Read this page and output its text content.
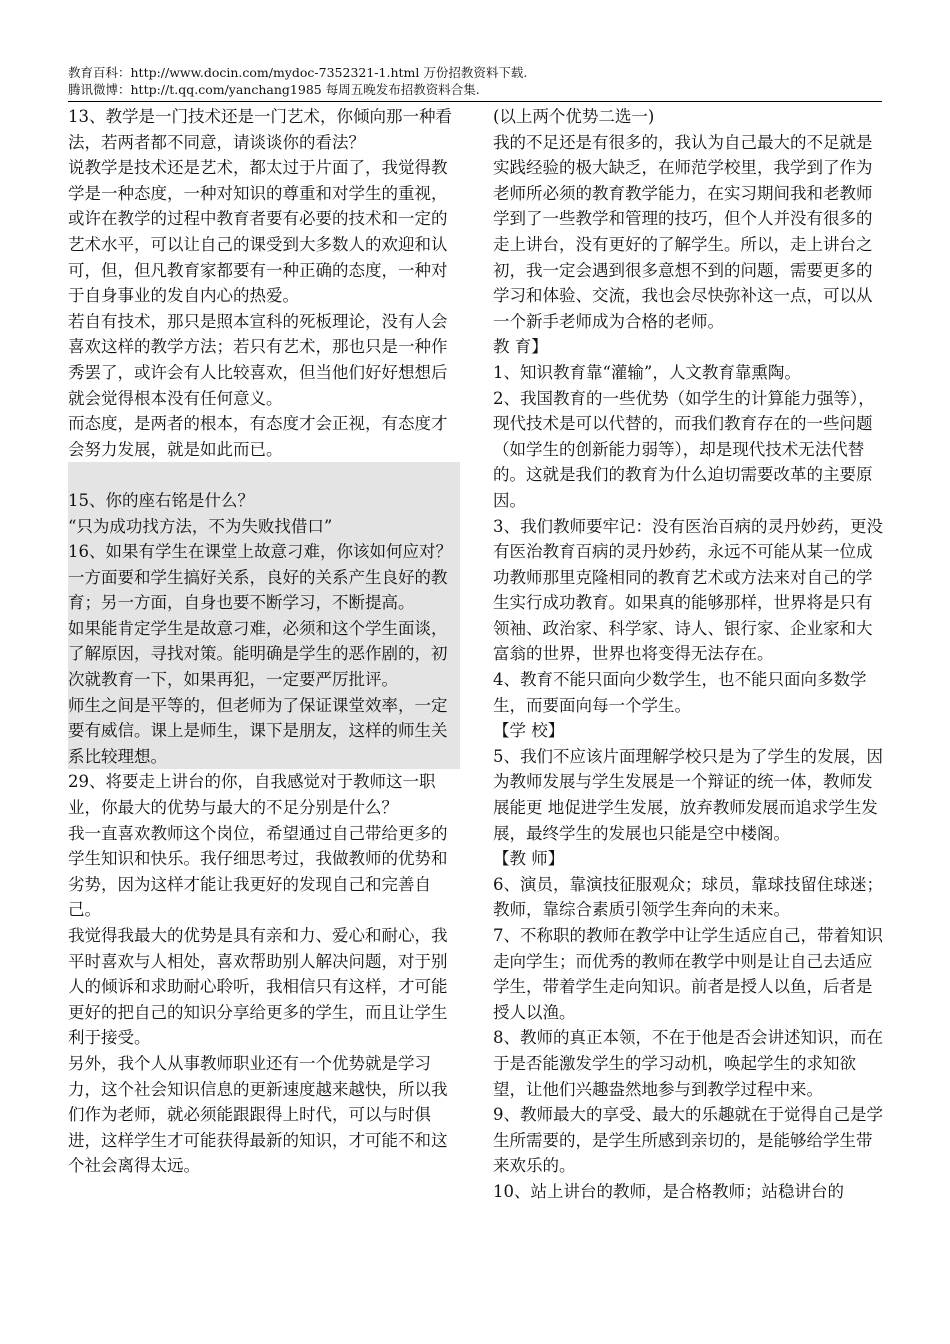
教育百科：http://www.docin.com/mydoc-7352321-1.html 万份招教资料下载.
腾讯微博：http://t.qq.com/yanchang1985 每周五晚发布招教资料合集.

13、教学是一门技术还是一门艺术，你倾向那一种看法，若两者都不同意，请谈谈你的看法？

说教学是技术还是艺术，都太过于片面了，我觉得教学是一种态度，一种对知识的尊重和对学生的重视，或许在教学的过程中教育者要有必要的技术和一定的艺术水平，可以让自己的课受到大多数人的欢迎和认可，但，但凡教育家都要有一种正确的态度，一种对于自身事业的发自内心的热爱。

若自有技术，那只是照本宣科的死板理论，没有人会喜欢这样的教学方法；若只有艺术，那也只是一种作秀罢了，或许会有人比较喜欢，但当他们好好想想后就会觉得根本没有任何意义。

而态度，是两者的根本，有态度才会正视，有态度才会努力发展，就是如此而已。

15、你的座右铭是什么？

“只为成功找方法，不为失败找借口”

16、如果有学生在课堂上故意刁难，你该如何应对？

一方面要和学生搞好关系，良好的关系产生良好的教育；另一方面，自身也要不断学习，不断提高。

如果能肯定学生是故意刁难，必须和这个学生面谈，了解原因，寻找对策。能明确是学生的恶作剧的，初次就教育一下，如果再犯，一定要严厉批评。

师生之间是平等的，但老师为了保证课堂效率，一定要有威信。课上是师生，课下是朋友，这样的师生关系比较理想。

29、将要走上讲台的你，自我感觉对于教师这一职业，你最大的优势与最大的不足分别是什么？

我一直喜欢教师这个岗位，希望通过自己带给更多的学生知识和快乐。我仔细思考过，我做教师的优势和劣势，因为这样才能让我更好的发现自己和完善自己。

我觉得我最大的优势是具有亲和力、爱心和耐心，我平时喜欢与人相处，喜欢帮助别人解决问题，对于别人的倾诉和求助耐心聆听，我相信只有这样，才可能更好的把自己的知识分享给更多的学生，而且让学生利于接受。

另外，我个人从事教师职业还有一个优势就是学习力，这个社会知识信息的更新速度越来越快，所以我们作为老师，就必须能跟跟得上时代，可以与时俱进，这样学生才可能获得最新的知识，才可能不和这个社会离得太远。

(以上两个优势二选一)

我的不足还是有很多的，我认为自己最大的不足就是实践经验的极大缺乏，在师范学校里，我学到了作为老师所必须的教育教学能力，在实习期间我和老教师学到了一些教学和管理的技巧，但个人并没有很多的走上讲台，没有更好的了解学生。所以，走上讲台之初，我一定会遇到很多意想不到的问题，需要更多的学习和体验、交流，我也会尽快弥补这一点，可以从一个新手老师成为合格的老师。

教 育】

1、知识教育靠“灌输”，人文教育靠熏陶。

2、我国教育的一些优势（如学生的计算能力强等），现代技术是可以代替的，而我们教育存在的一些问题（如学生的创新能力弱等），却是现代技术无法代替的。这就是我们的教育为什么迫切需要改革的主要原因。

3、我们教师要牢记：没有医治百病的灵丹妙药，更没有医治教育百病的灵丹妙药，永远不可能从某一位成功教师那里克隆相同的教育艺术或方法来对自己的学生实行成功教育。如果真的能够那样，世界将是只有领袖、政治家、科学家、诗人、银行家、企业家和大富翁的世界，世界也将变得无法存在。

4、教育不能只面向少数学生，也不能只面向多数学生，而要面向每一个学生。

【学 校】

5、我们不应该片面理解学校只是为了学生的发展，因为教师发展与学生发展是一个辩证的统一体，教师发展能更 地促进学生发展，放弃教师发展而追求学生发展，最终学生的发展也只能是空中楼阁。

【教 师】

6、演员，靠演技征服观众；球员，靠球技留住球迷；教师，靠综合素质引领学生奔向的未来。

7、不称职的教师在教学中让学生适应自己，带着知识走向学生；而优秀的教师在教学中则是让自己去适应学生，带着学生走向知识。前者是授人以鱼，后者是授人以渔。

8、教师的真正本领，不在于他是否会讲述知识，而在于是否能激发学生的学习动机，唤起学生的求知欲望，让他们兴趣盎然地参与到教学过程中来。

9、教师最大的享受、最大的乐趣就在于觉得自己是学生所需要的，是学生所感到亲切的，是能够给学生带来欢乐的。

10、站上讲台的教师，是合格教师；站稳讲台的
